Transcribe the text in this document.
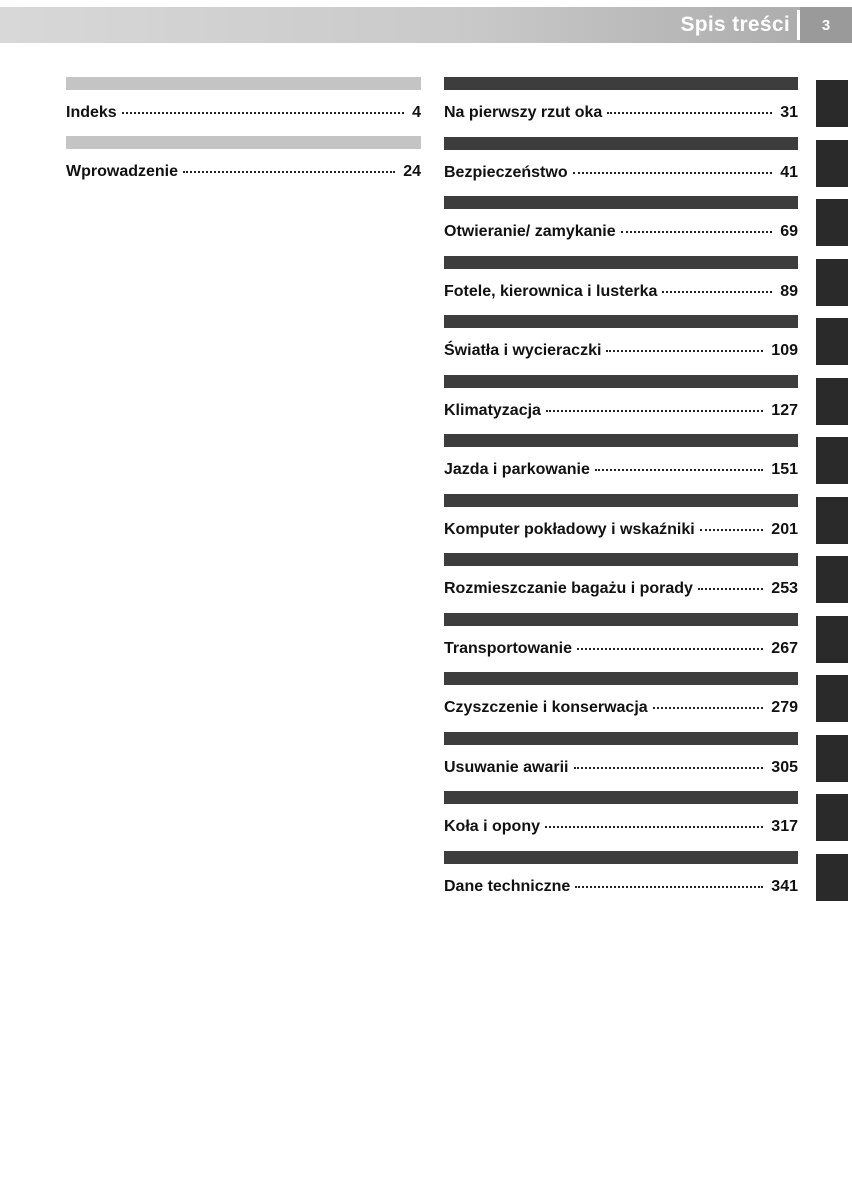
Spis treści	3
Indeks	4
Wprowadzenie	24
Na pierwszy rzut oka	31
Bezpieczeństwo	41
Otwieranie/ zamykanie	69
Fotele, kierownica i lusterka	89
Światła i wycieraczki	109
Klimatyzacja	127
Jazda i parkowanie	151
Komputer pokładowy i wskaźniki	201
Rozmieszczanie bagażu i porady	253
Transportowanie	267
Czyszczenie i konserwacja	279
Usuwanie awarii	305
Koła i opony	317
Dane techniczne	341
